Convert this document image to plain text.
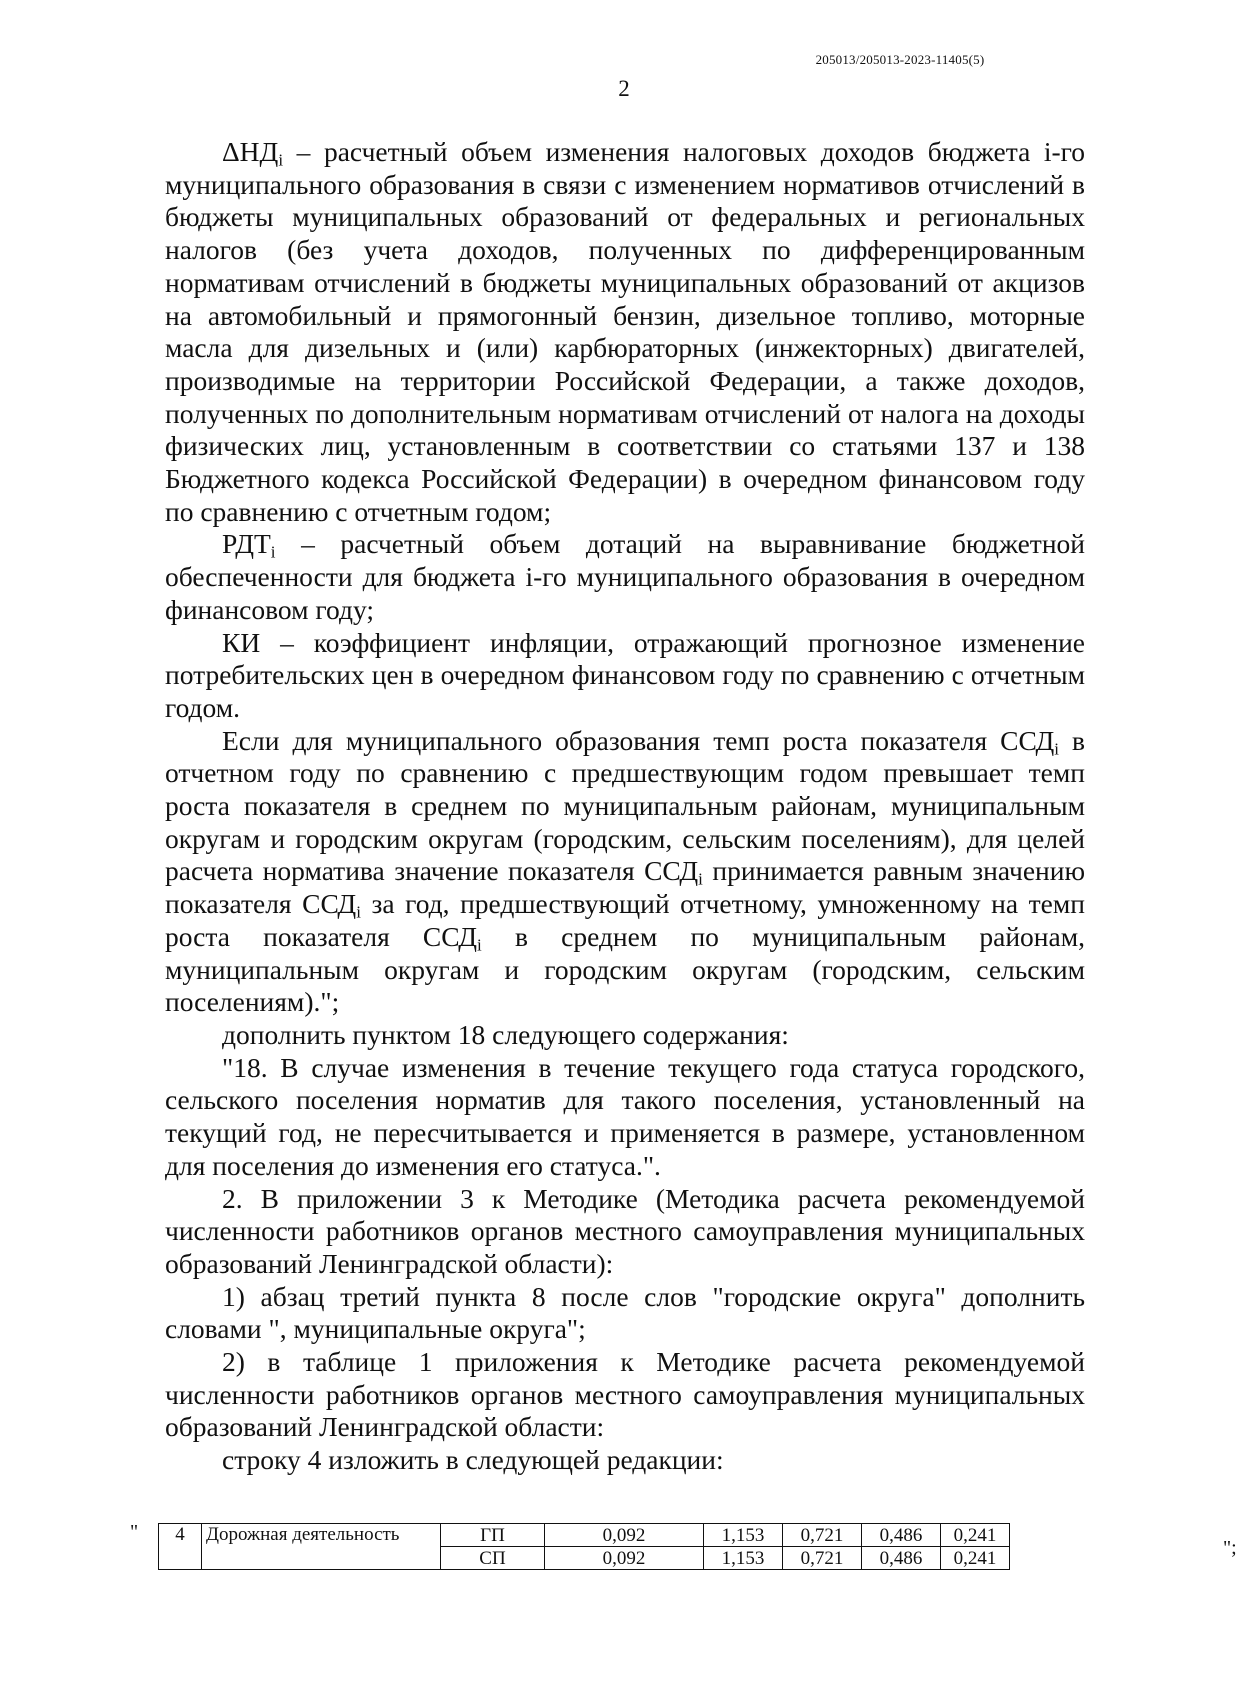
205013/205013-2023-11405(5)
2

$\Delta НД_i$ – расчетный объем изменения налоговых доходов бюджета i-го муниципального образования в связи с изменением нормативов отчислений в бюджеты муниципальных образований от федеральных и региональных налогов (без учета доходов, полученных по дифференцированным нормативам отчислений в бюджеты муниципальных образований от акцизов на автомобильный и прямогонный бензин, дизельное топливо, моторные масла для дизельных и (или) карбюраторных (инжекторных) двигателей, производимые на территории Российской Федерации, а также доходов, полученных по дополнительным нормативам отчислений от налога на доходы физических лиц, установленным в соответствии со статьями 137 и 138 Бюджетного кодекса Российской Федерации) в очередном финансовом году по сравнению с отчетным годом;

$РДТ_i$ – расчетный объем дотаций на выравнивание бюджетной обеспеченности для бюджета i-го муниципального образования в очередном финансовом году;

КИ – коэффициент инфляции, отражающий прогнозное изменение потребительских цен в очередном финансовом году по сравнению с отчетным годом.

Если для муниципального образования темп роста показателя $ССД_i$ в отчетном году по сравнению с предшествующим годом превышает темп роста показателя в среднем по муниципальным районам, муниципальным округам и городским округам (городским, сельским поселениям), для целей расчета норматива значение показателя $ССД_i$ принимается равным значению показателя $ССД_i$ за год, предшествующий отчетному, умноженному на темп роста показателя $ССД_i$ в среднем по муниципальным районам, муниципальным округам и городским округам (городским, сельским поселениям).";

дополнить пунктом 18 следующего содержания:

"18. В случае изменения в течение текущего года статуса городского, сельского поселения норматив для такого поселения, установленный на текущий год, не пересчитывается и применяется в размере, установленном для поселения до изменения его статуса.".

2. В приложении 3 к Методике (Методика расчета рекомендуемой численности работников органов местного самоуправления муниципальных образований Ленинградской области):

1) абзац третий пункта 8 после слов "городские округа" дополнить словами ", муниципальные округа";

2) в таблице 1 приложения к Методике расчета рекомендуемой численности работников органов местного самоуправления муниципальных образований Ленинградской области:

строку 4 изложить в следующей редакции:

" 4	Дорожная деятельность	ГП	0,092	1,153	0,721	0,486	0,241
		СП	0,092	1,153	0,721	0,486	0,241	";
